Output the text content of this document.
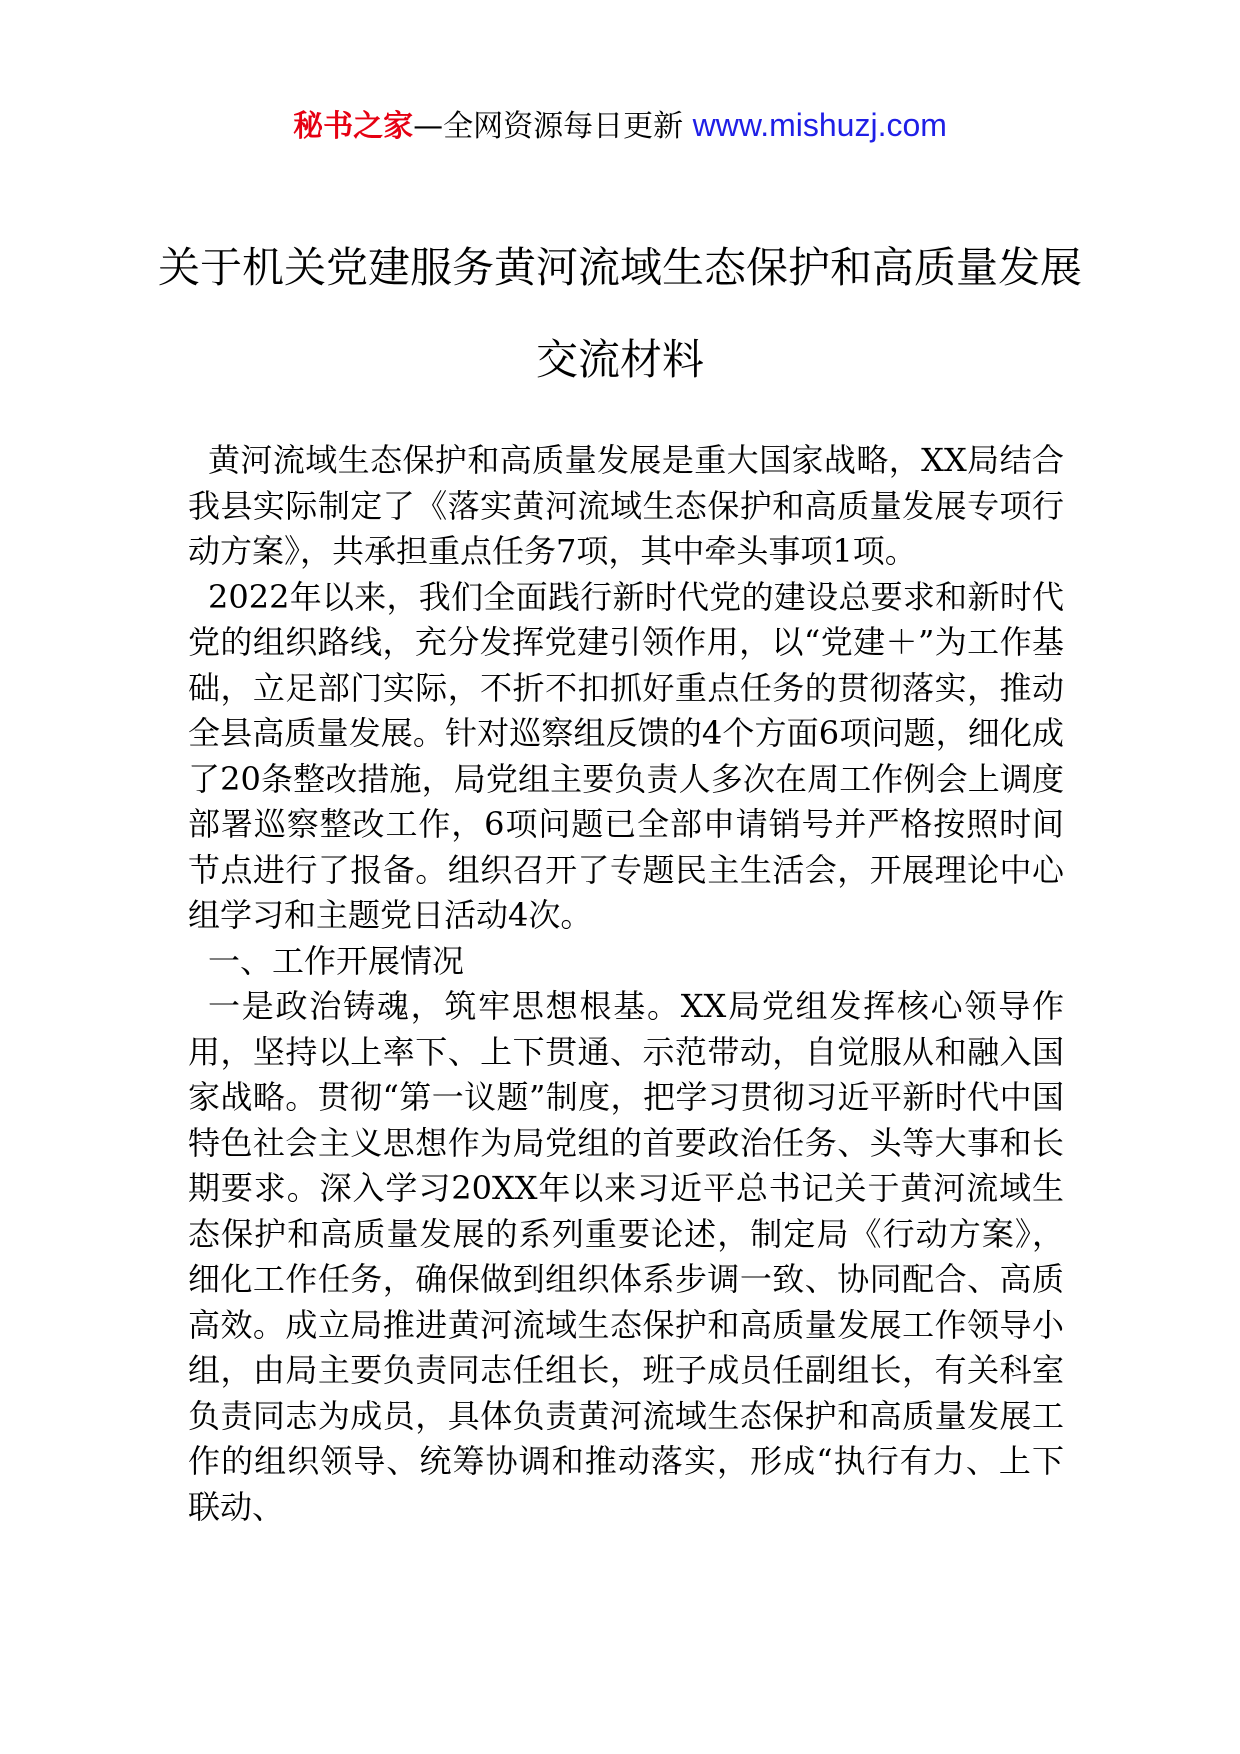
秘书之家—全网资源每日更新 www.mishuzj.com
关于机关党建服务黄河流域生态保护和高质量发展交流材料

黄河流域生态保护和高质量发展是重大国家战略，XX局结合我县实际制定了《落实黄河流域生态保护和高质量发展专项行动方案》，共承担重点任务7项，其中牵头事项1项。

2022年以来，我们全面践行新时代党的建设总要求和新时代党的组织路线，充分发挥党建引领作用，以“党建＋”为工作基础，立足部门实际，不折不扣抓好重点任务的贯彻落实，推动全县高质量发展。针对巡察组反馈的4个方面6项问题，细化成了20条整改措施，局党组主要负责人多次在周工作例会上调度部署巡察整改工作，6项问题已全部申请销号并严格按照时间节点进行了报备。组织召开了专题民主生活会，开展理论中心组学习和主题党日活动4次。

一、工作开展情况

一是政治铸魂，筑牢思想根基。XX局党组发挥核心领导作用，坚持以上率下、上下贯通、示范带动，自觉服从和融入国家战略。贯彻“第一议题”制度，把学习贯彻习近平新时代中国特色社会主义思想作为局党组的首要政治任务、头等大事和长期要求。深入学习20XX年以来习近平总书记关于黄河流域生态保护和高质量发展的系列重要论述，制定局《行动方案》，细化工作任务，确保做到组织体系步调一致、协同配合、高质高效。成立局推进黄河流域生态保护和高质量发展工作领导小组，由局主要负责同志任组长，班子成员任副组长，有关科室负责同志为成员，具体负责黄河流域生态保护和高质量发展工作的组织领导、统筹协调和推动落实，形成“执行有力、上下联动、
